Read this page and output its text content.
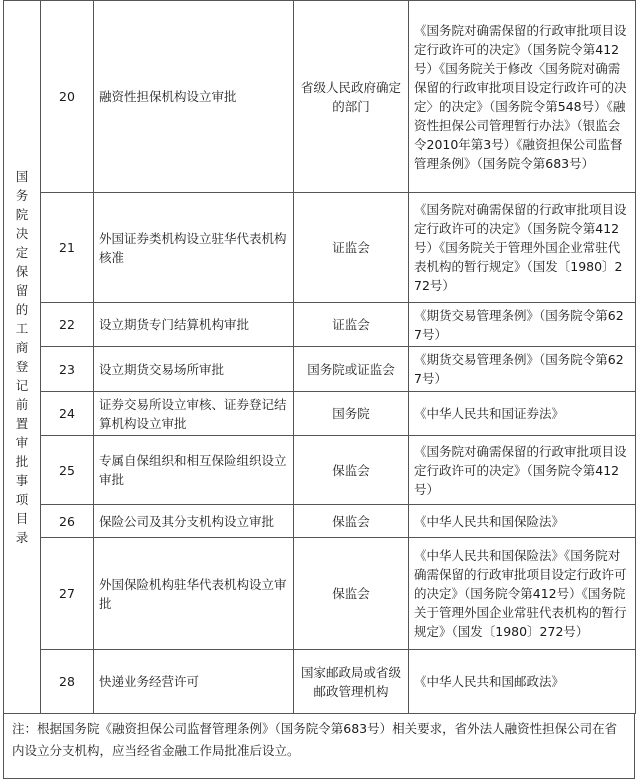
国务院决定保留的工商登记前置审批事项目录	20	融资性担保机构设立审批	省级人民政府确定的部门	《国务院对确需保留的行政审批项目设定行政许可的决定》（国务院令第412号）《国务院关于修改〈国务院对确需保留的行政审批项目设定行政许可的决定〉的决定》（国务院令第548号）《融资性担保公司管理暂行办法》（银监会令2010年第3号）《融资担保公司监督管理条例》（国务院令第683号）
	21	外国证券类机构设立驻华代表机构核准	证监会	《国务院对确需保留的行政审批项目设定行政许可的决定》（国务院令第412号）《国务院关于管理外国企业常驻代表机构的暂行规定》（国发〔1980〕272号）
	22	设立期货专门结算机构审批	证监会	《期货交易管理条例》（国务院令第627号）
	23	设立期货交易场所审批	国务院或证监会	《期货交易管理条例》（国务院令第627号）
	24	证券交易所设立审核、证券登记结算机构设立审批	国务院	《中华人民共和国证券法》
	25	专属自保组织和相互保险组织设立审批	保监会	《国务院对确需保留的行政审批项目设定行政许可的决定》（国务院令第412号）
	26	保险公司及其分支机构设立审批	保监会	《中华人民共和国保险法》
	27	外国保险机构驻华代表机构设立审批	保监会	《中华人民共和国保险法》《国务院对确需保留的行政审批项目设定行政许可的决定》（国务院令第412号）《国务院关于管理外国企业常驻代表机构的暂行规定》（国发〔1980〕272号）
	28	快递业务经营许可	国家邮政局或省级邮政管理机构	《中华人民共和国邮政法》
注：根据国务院《融资担保公司监督管理条例》（国务院令第683号）相关要求，省外法人融资性担保公司在省内设立分支机构，应当经省金融工作局批准后设立。
